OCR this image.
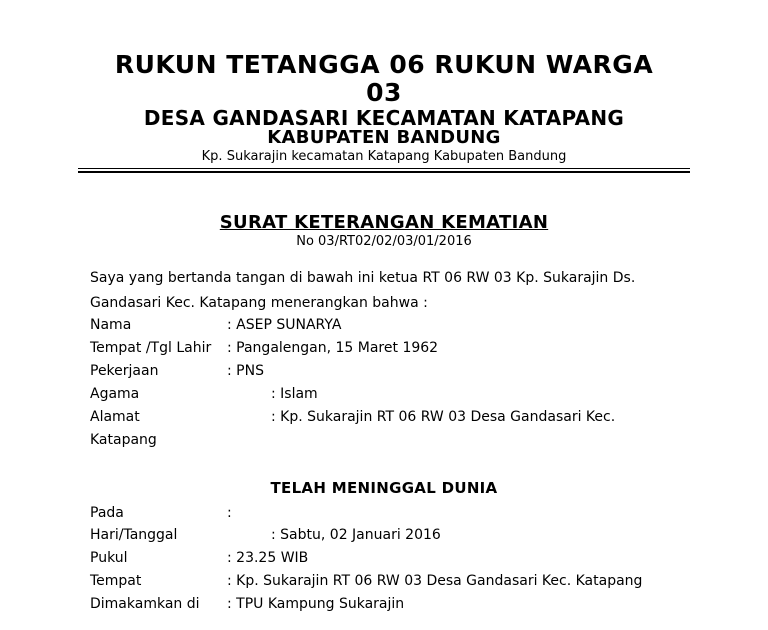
RUKUN TETANGGA 06 RUKUN WARGA
03
DESA GANDASARI KECAMATAN KATAPANG
KABUPATEN BANDUNG
Kp. Sukarajin kecamatan Katapang Kabupaten Bandung
SURAT KETERANGAN KEMATIAN
No 03/RT02/02/03/01/2016
Saya yang bertanda tangan di bawah ini ketua RT 06 RW 03 Kp. Sukarajin Ds.
Gandasari Kec. Katapang menerangkan bahwa :
Nama	: ASEP SUNARYA
Tempat /Tgl Lahir : Pangalengan, 15 Maret 1962
Pekerjaan	: PNS
Agama	: Islam
Alamat	: Kp. Sukarajin RT 06 RW 03 Desa Gandasari Kec.
Katapang
TELAH MENINGGAL DUNIA
Pada	:
Hari/Tanggal	: Sabtu, 02 Januari 2016
Pukul	: 23.25 WIB
Tempat	: Kp. Sukarajin RT 06 RW 03 Desa Gandasari Kec. Katapang
Dimakamkan di : TPU Kampung Sukarajin
